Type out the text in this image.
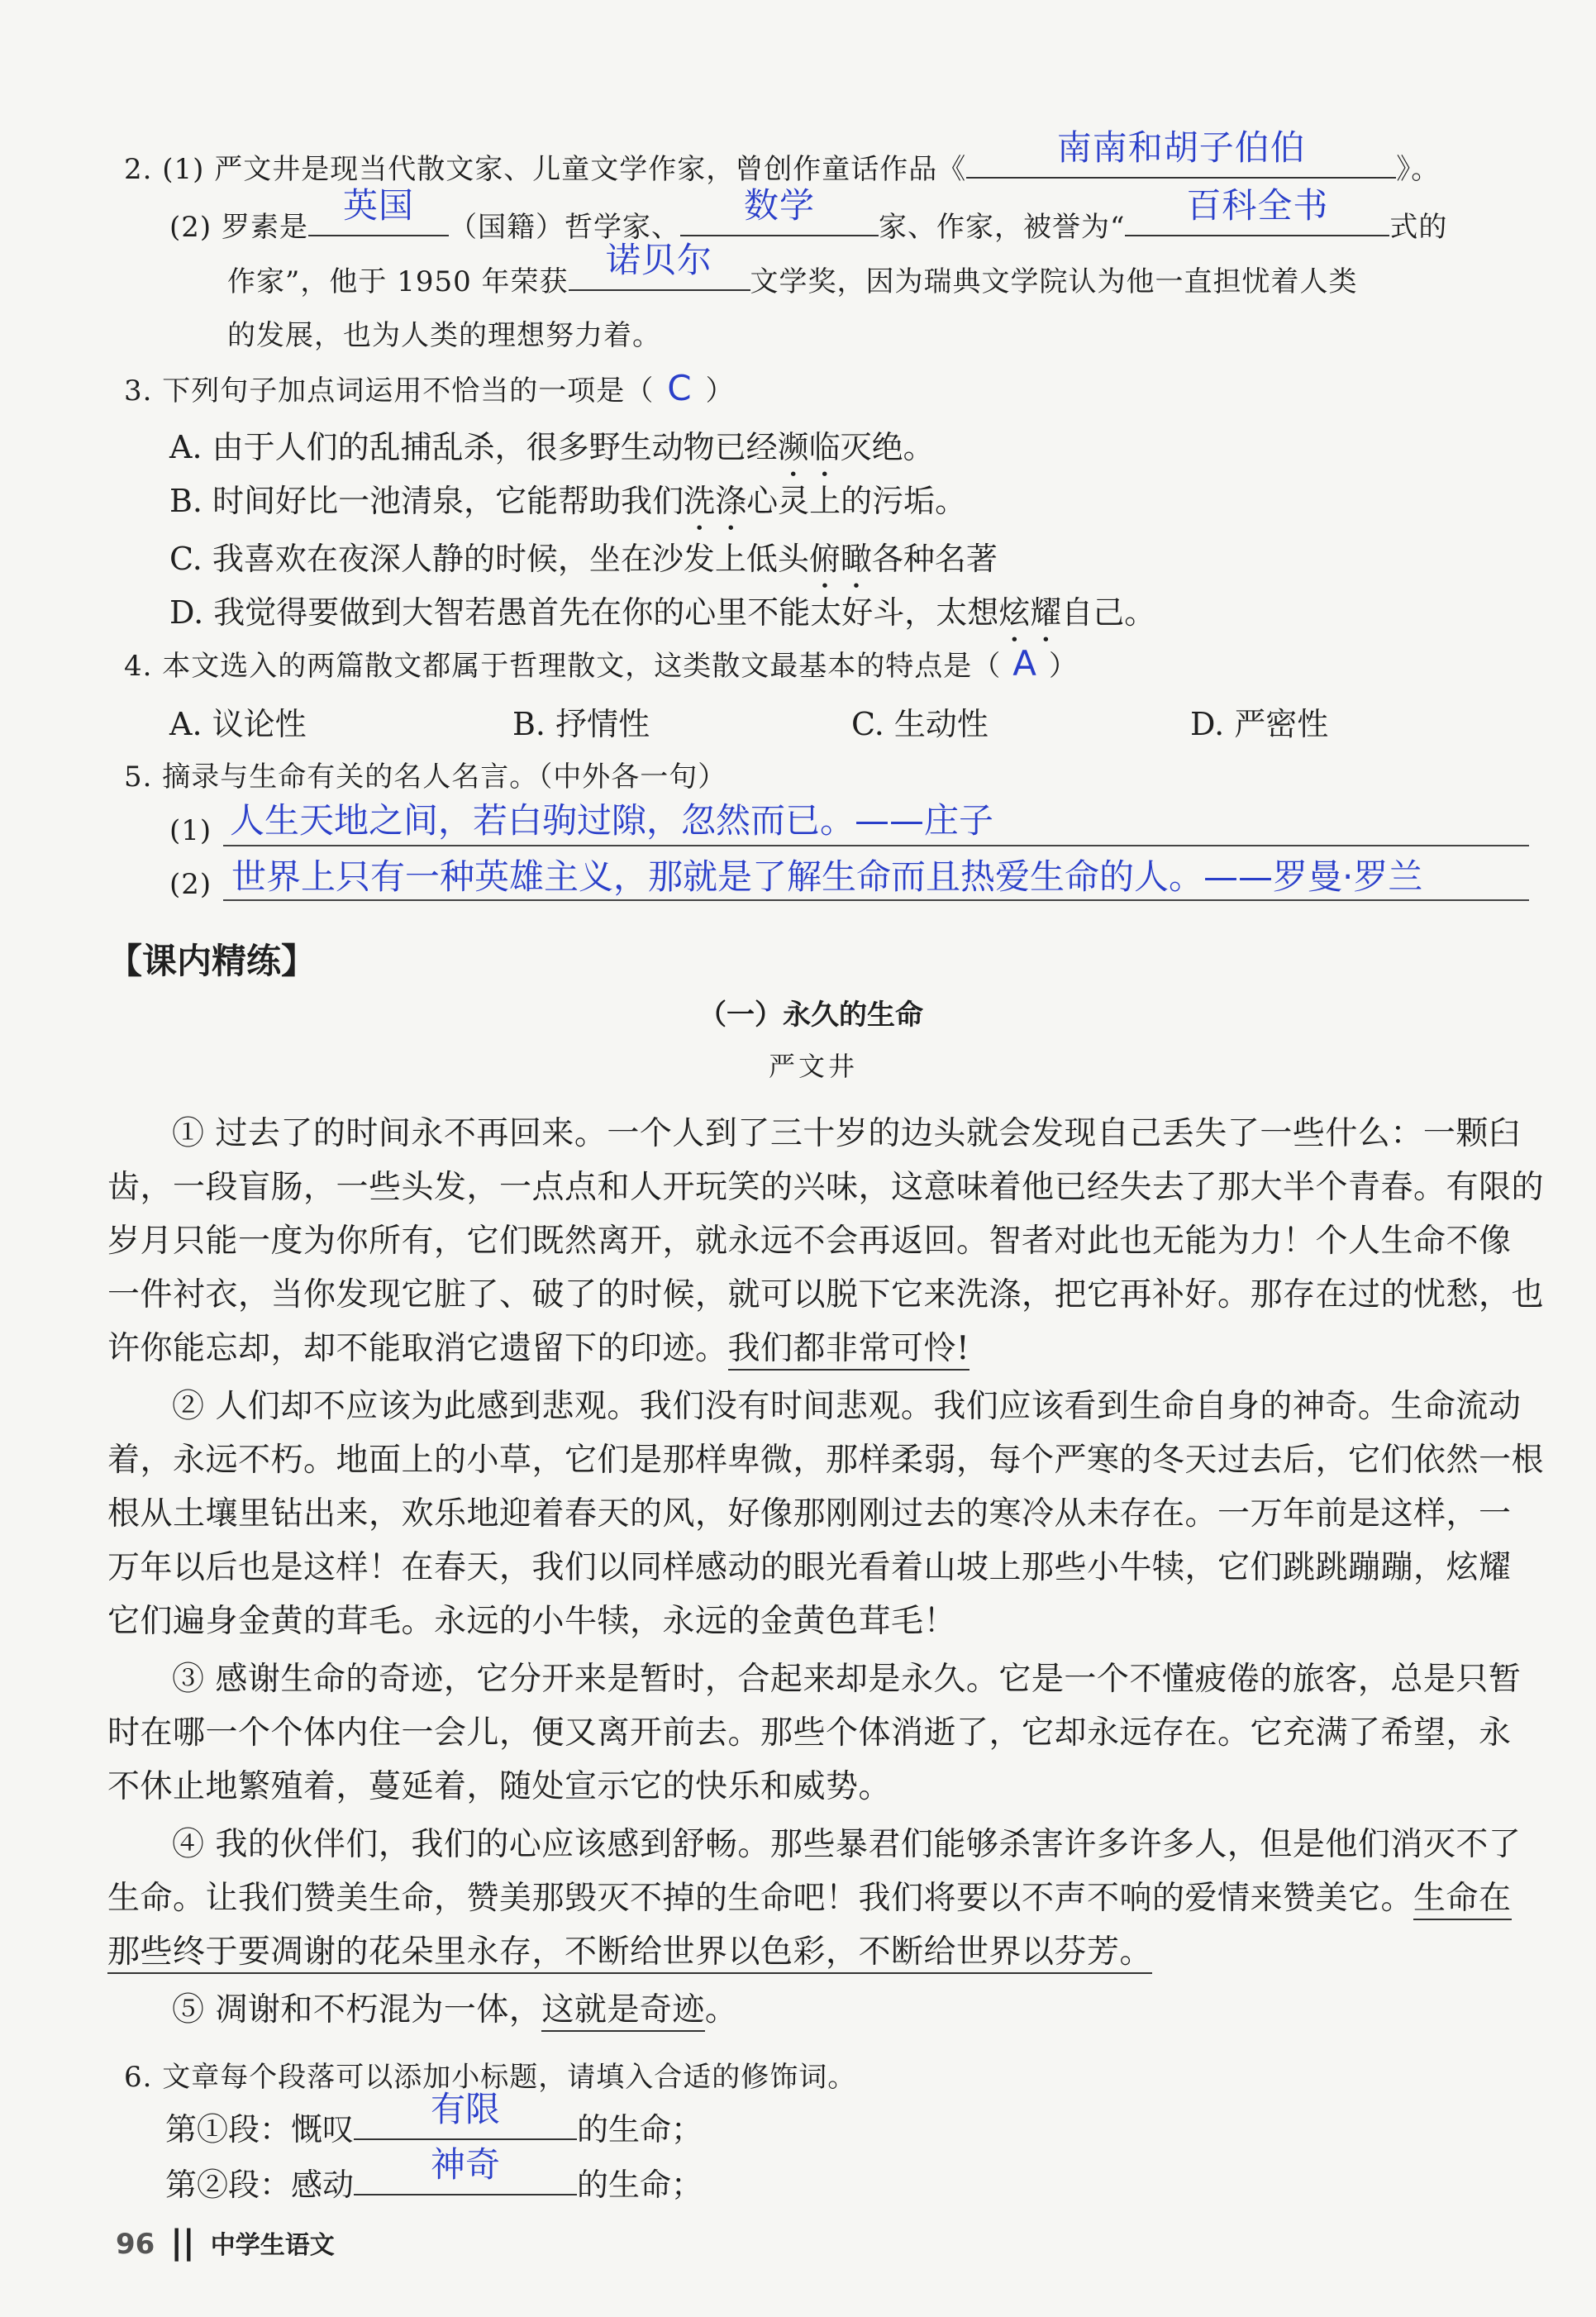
2. (1) 严文井是现当代散文家、儿童文学作家，曾创作童话作品《
南南和胡子伯伯
》。
(2) 罗素是
英国
（国籍）哲学家、
数学
家、作家，被誉为“
百科全书
式的
作家”，他于 1950 年荣获
诺贝尔
文学奖，因为瑞典文学院认为他一直担忧着人类
的发展，也为人类的理想努力着。
3. 下列句子加点词运用不恰当的一项是（ C ）
A. 由于人们的乱捕乱杀，很多野生动物已经濒临灭绝。
B. 时间好比一池清泉，它能帮助我们洗涤心灵上的污垢。
C. 我喜欢在夜深人静的时候，坐在沙发上低头俯瞰各种名著
D. 我觉得要做到大智若愚首先在你的心里不能太好斗，太想炫耀自己。
4. 本文选入的两篇散文都属于哲理散文，这类散文最基本的特点是（ A ）
A. 议论性	B. 抒情性	C. 生动性	D. 严密性
5. 摘录与生命有关的名人名言。（中外各一句）
(1) 人生天地之间，若白驹过隙，忽然而已。——庄子
(2) 世界上只有一种英雄主义，那就是了解生命而且热爱生命的人。——罗曼·罗兰
【课内精练】
（一）永久的生命
严文井
① 过去了的时间永不再回来。一个人到了三十岁的边头就会发现自己丢失了一些什么：一颗臼
齿，一段盲肠，一些头发，一点点和人开玩笑的兴味，这意味着他已经失去了那大半个青春。有限的
岁月只能一度为你所有，它们既然离开，就永远不会再返回。智者对此也无能为力！个人生命不像
一件衬衣，当你发现它脏了、破了的时候，就可以脱下它来洗涤，把它再补好。那存在过的忧愁，也
许你能忘却，却不能取消它遗留下的印迹。我们都非常可怜!
② 人们却不应该为此感到悲观。我们没有时间悲观。我们应该看到生命自身的神奇。生命流动
着，永远不朽。地面上的小草，它们是那样卑微，那样柔弱，每个严寒的冬天过去后，它们依然一根
根从土壤里钻出来，欢乐地迎着春天的风，好像那刚刚过去的寒冷从未存在。一万年前是这样，一
万年以后也是这样！在春天，我们以同样感动的眼光看着山坡上那些小牛犊，它们跳跳蹦蹦，炫耀
它们遍身金黄的茸毛。永远的小牛犊，永远的金黄色茸毛！
③ 感谢生命的奇迹，它分开来是暂时，合起来却是永久。它是一个不懂疲倦的旅客，总是只暂
时在哪一个个体内住一会儿，便又离开前去。那些个体消逝了，它却永远存在。它充满了希望，永
不休止地繁殖着，蔓延着，随处宣示它的快乐和威势。
④ 我的伙伴们，我们的心应该感到舒畅。那些暴君们能够杀害许多许多人，但是他们消灭不了
生命。让我们赞美生命，赞美那毁灭不掉的生命吧！我们将要以不声不响的爱情来赞美它。生命在
那些终于要凋谢的花朵里永存，不断给世界以色彩，不断给世界以芬芳。
⑤ 凋谢和不朽混为一体，这就是奇迹。
6. 文章每个段落可以添加小标题，请填入合适的修饰词。
第①段：慨叹	有限	的生命；
第②段：感动	神奇	的生命；
96 || 中学生语文
